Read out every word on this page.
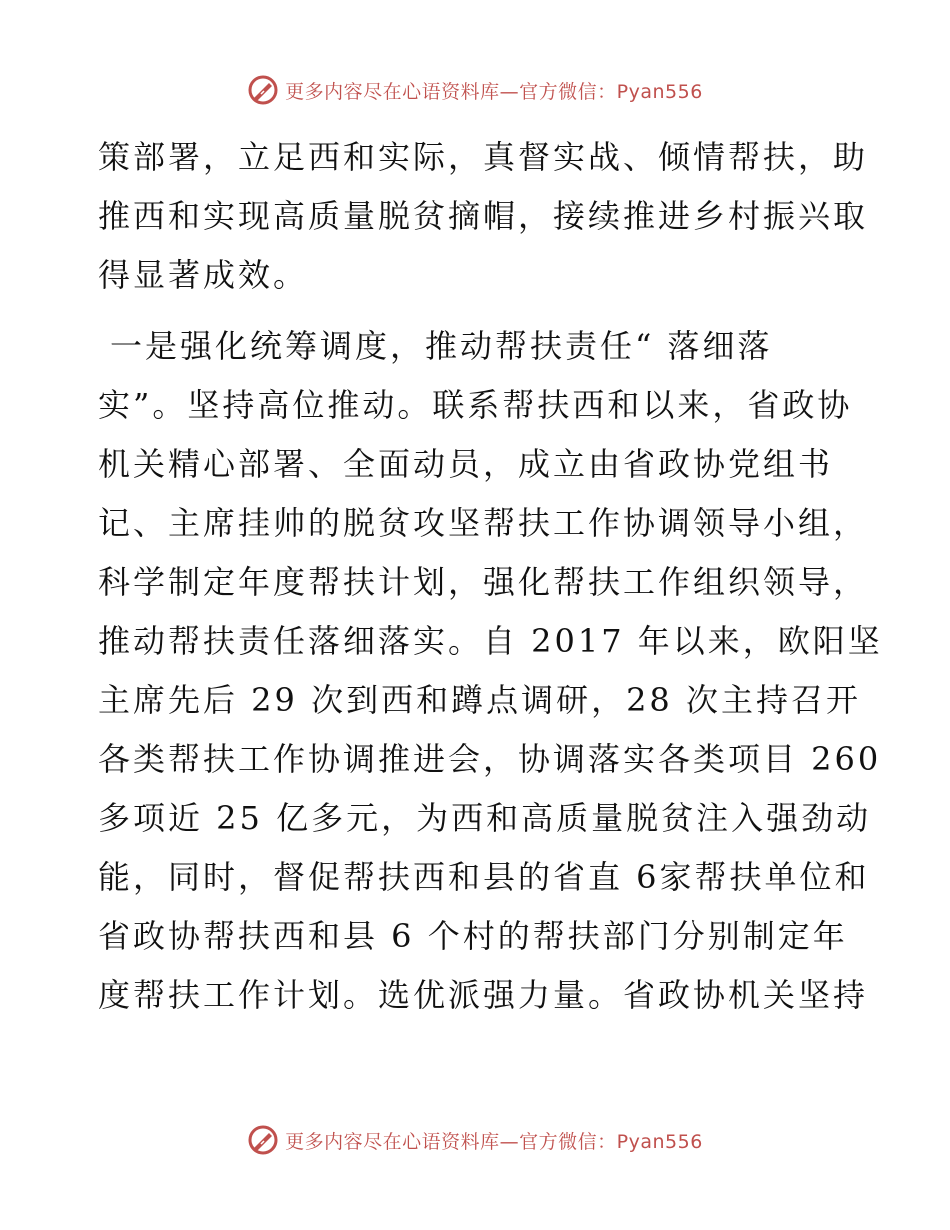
更多内容尽在心语资料库—官方微信：Pyan556
策部署，立足西和实际，真督实战、倾情帮扶，助
推西和实现高质量脱贫摘帽，接续推进乡村振兴取
得显著成效。
一是强化统筹调度，推动帮扶责任“ 落细落
实”。坚持高位推动。联系帮扶西和以来，省政协
机关精心部署、全面动员，成立由省政协党组书
记、主席挂帅的脱贫攻坚帮扶工作协调领导小组，
科学制定年度帮扶计划，强化帮扶工作组织领导，
推动帮扶责任落细落实。自 2017 年以来，欧阳坚
主席先后 29 次到西和蹲点调研，28 次主持召开
各类帮扶工作协调推进会，协调落实各类项目 260
多项近 25 亿多元，为西和高质量脱贫注入强劲动
能，同时，督促帮扶西和县的省直 6家帮扶单位和
省政协帮扶西和县 6 个村的帮扶部门分别制定年
度帮扶工作计划。选优派强力量。省政协机关坚持
更多内容尽在心语资料库—官方微信：Pyan556
